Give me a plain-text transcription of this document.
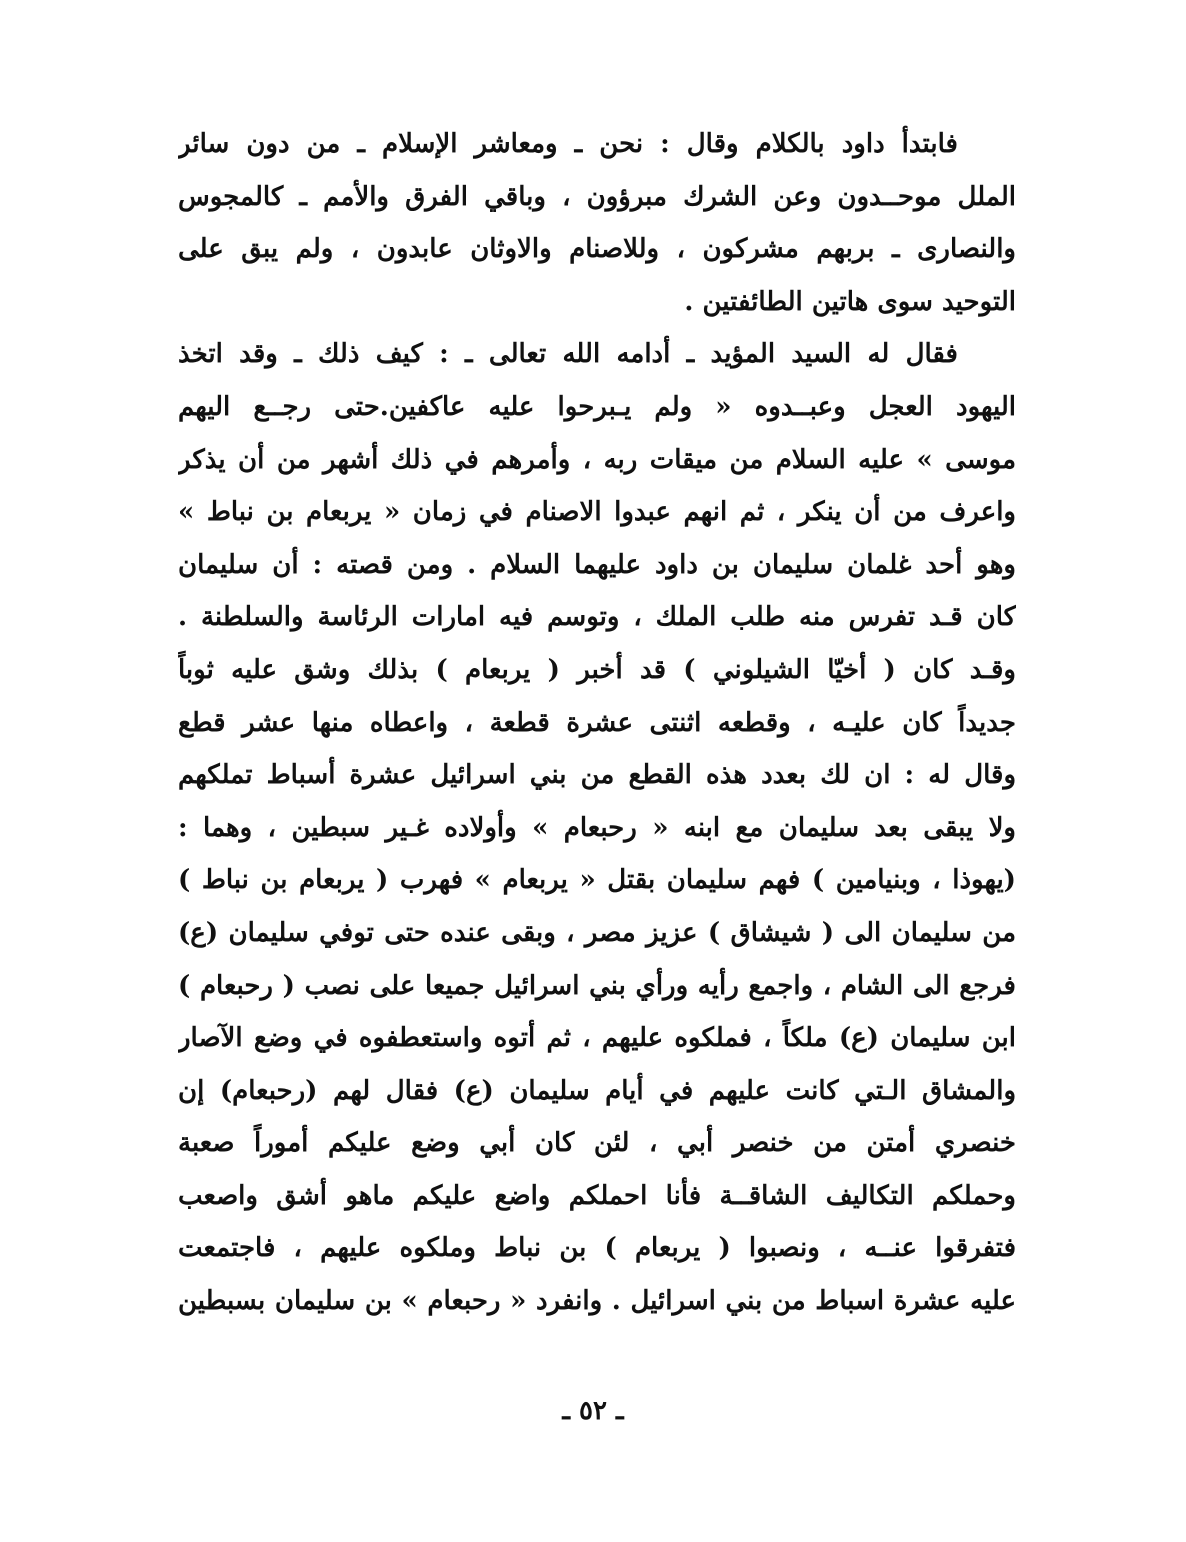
فابتدأ داود بالكلام وقال : نحن ـ ومعاشر الإسلام ـ من دون سائر
الملل موحــدون وعن الشرك مبرؤون ، وباقي الفرق والأمم ـ كالمجوس
والنصارى ـ بربهم مشركون ، وللاصنام والاوثان عابدون ، ولم يبق على
التوحيد سوى هاتين الطائفتين .
فقال له السيد المؤيد ـ أدامه الله تعالى ـ : كيف ذلك ـ وقد اتخذ
اليهود العجل وعبــدوه « ولم يـبرحوا عليه عاكفين.حتى رجــع اليهم
موسى » عليه السلام من ميقات ربه ، وأمرهم في ذلك أشهر من أن يذكر
واعرف من أن ينكر ، ثم انهم عبدوا الاصنام في زمان « يربعام بن نباط »
وهو أحد غلمان سليمان بن داود عليهما السلام . ومن قصته : أن سليمان
كان قـد تفرس منه طلب الملك ، وتوسم فيه امارات الرئاسة والسلطنة .
وقـد كان ( أخيّا الشيلوني ) قد أخبر ( يربعام ) بذلك وشق عليه ثوباً
جديداً كان عليـه ، وقطعه اثنتى عشرة قطعة ، واعطاه منها عشر قطع
وقال له : ان لك بعدد هذه القطع من بني اسرائيل عشرة أسباط تملكهم
ولا يبقى بعد سليمان مع ابنه « رحبعام » وأولاده غـير سبطين ، وهما :
(يهوذا ، وبنيامين ) فهم سليمان بقتل « يربعام » فهرب ( يربعام بن نباط )
من سليمان الى ( شيشاق ) عزيز مصر ، وبقى عنده حتى توفي سليمان (ع)
فرجع الى الشام ، واجمع رأيه ورأي بني اسرائيل جميعا على نصب ( رحبعام )
ابن سليمان (ع) ملكاً ، فملكوه عليهم ، ثم أتوه واستعطفوه في وضع الآصار
والمشاق الـتي كانت عليهم في أيام سليمان (ع) فقال لهم (رحبعام) إن
خنصري أمتن من خنصر أبي ، لئن كان أبي وضع عليكم أموراً صعبة
وحملكم التكاليف الشاقــة فأنا احملكم واضع عليكم ماهو أشق واصعب
فتفرقوا عنــه ، ونصبوا ( يربعام ) بن نباط وملكوه عليهم ، فاجتمعت
عليه عشرة اسباط من بني اسرائيل . وانفرد « رحبعام » بن سليمان بسبطين
ـ ٥٢ ـ
